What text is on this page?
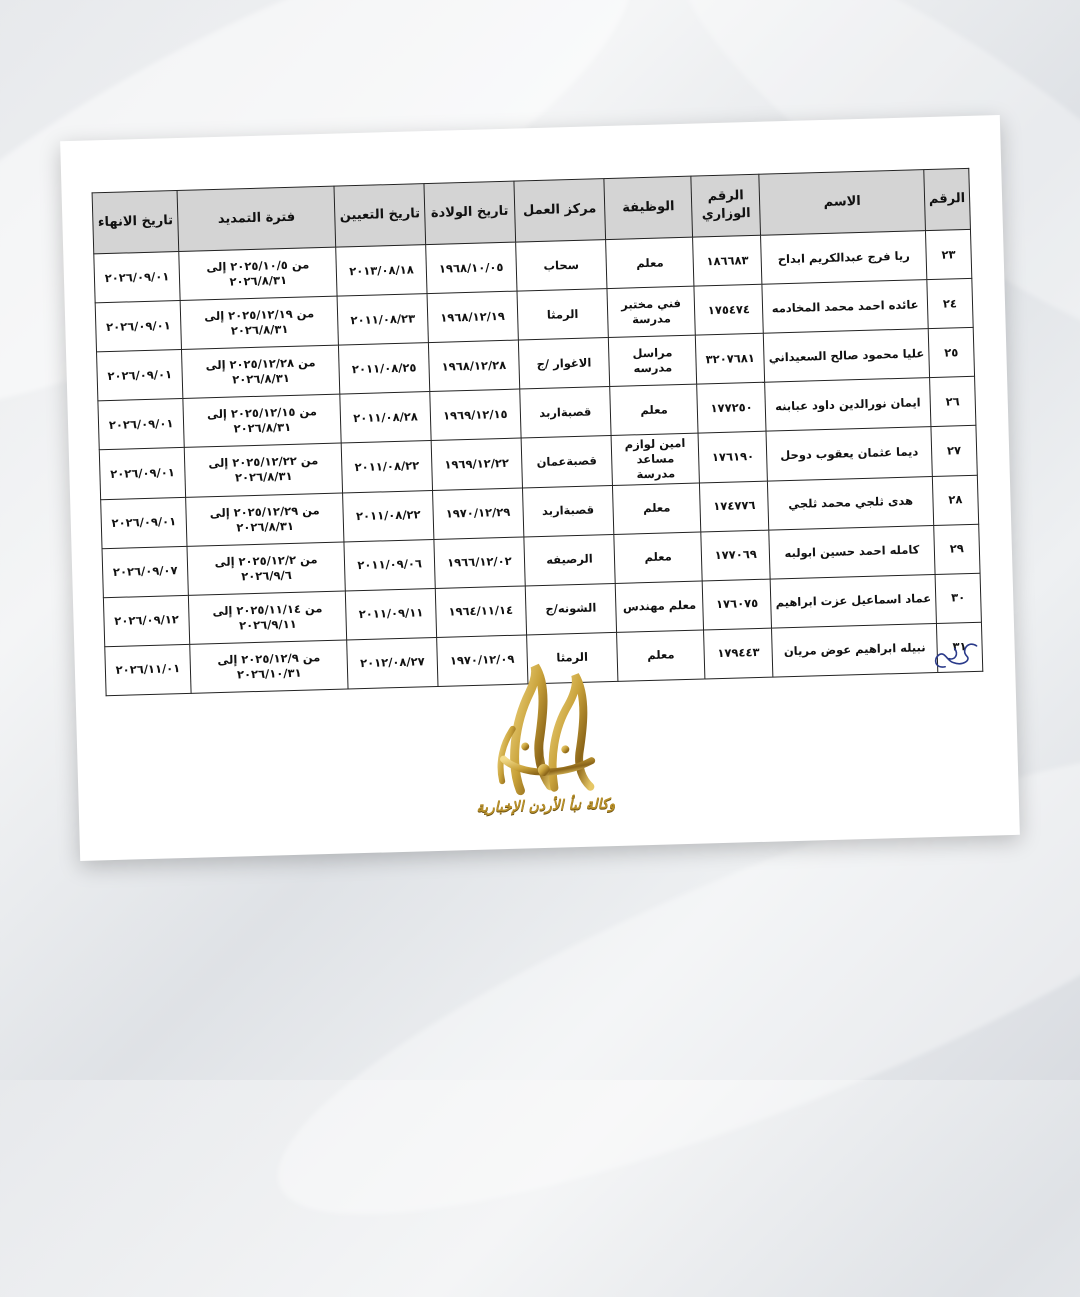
الرقم	الاسم	الرقم الوزاري	الوظيفة	مركز العمل	تاريخ الولادة	تاريخ التعيين	فترة التمديد	تاريخ الانهاء
٢٣	ريا فرج عبدالكريم ابداح	١٨٦٦٨٣	معلم	سحاب	١٩٦٨/١٠/٠٥	٢٠١٣/٠٨/١٨	من ٢٠٢٥/١٠/٥ إلى ٢٠٢٦/٨/٣١	٢٠٢٦/٠٩/٠١
٢٤	عائده احمد محمد المخادمه	١٧٥٤٧٤	فني مختبر مدرسة	الرمثا	١٩٦٨/١٢/١٩	٢٠١١/٠٨/٢٣	من ٢٠٢٥/١٢/١٩ إلى ٢٠٢٦/٨/٣١	٢٠٢٦/٠٩/٠١
٢٥	عليا محمود صالح السعيداني	٣٢٠٧٦٨١	مراسل مدرسه	الاغوار /ج	١٩٦٨/١٢/٢٨	٢٠١١/٠٨/٢٥	من ٢٠٢٥/١٢/٢٨ إلى ٢٠٢٦/٨/٣١	٢٠٢٦/٠٩/٠١
٢٦	ايمان نورالدين داود عبابنه	١٧٧٢٥٠	معلم	قصبةاربد	١٩٦٩/١٢/١٥	٢٠١١/٠٨/٢٨	من ٢٠٢٥/١٢/١٥ إلى ٢٠٢٦/٨/٣١	٢٠٢٦/٠٩/٠١
٢٧	ديما عثمان يعقوب دوحل	١٧٦١٩٠	امين لوازم مساعد مدرسة	قصبةعمان	١٩٦٩/١٢/٢٢	٢٠١١/٠٨/٢٢	من ٢٠٢٥/١٢/٢٢ إلى ٢٠٢٦/٨/٣١	٢٠٢٦/٠٩/٠١
٢٨	هدى ثلجي محمد ثلجي	١٧٤٧٧٦	معلم	قصبةاربد	١٩٧٠/١٢/٢٩	٢٠١١/٠٨/٢٢	من ٢٠٢٥/١٢/٢٩ إلى ٢٠٢٦/٨/٣١	٢٠٢٦/٠٩/٠١
٢٩	كامله احمد حسين ابولبه	١٧٧٠٦٩	معلم	الرصيفه	١٩٦٦/١٢/٠٢	٢٠١١/٠٩/٠٦	من ٢٠٢٥/١٢/٢ إلى ٢٠٢٦/٩/٦	٢٠٢٦/٠٩/٠٧
٣٠	عماد اسماعيل عزت ابراهيم	١٧٦٠٧٥	معلم مهندس	الشونه/ج	١٩٦٤/١١/١٤	٢٠١١/٠٩/١١	من ٢٠٢٥/١١/١٤ إلى ٢٠٢٦/٩/١١	٢٠٢٦/٠٩/١٢
٣١	نبيله ابراهيم عوض مريان	١٧٩٤٤٣	معلم	الرمثا	١٩٧٠/١٢/٠٩	٢٠١٢/٠٨/٢٧	من ٢٠٢٥/١٢/٩ إلى ٢٠٢٦/١٠/٣١	٢٠٢٦/١١/٠١
وكالة نبأ الأردن الإخبارية
